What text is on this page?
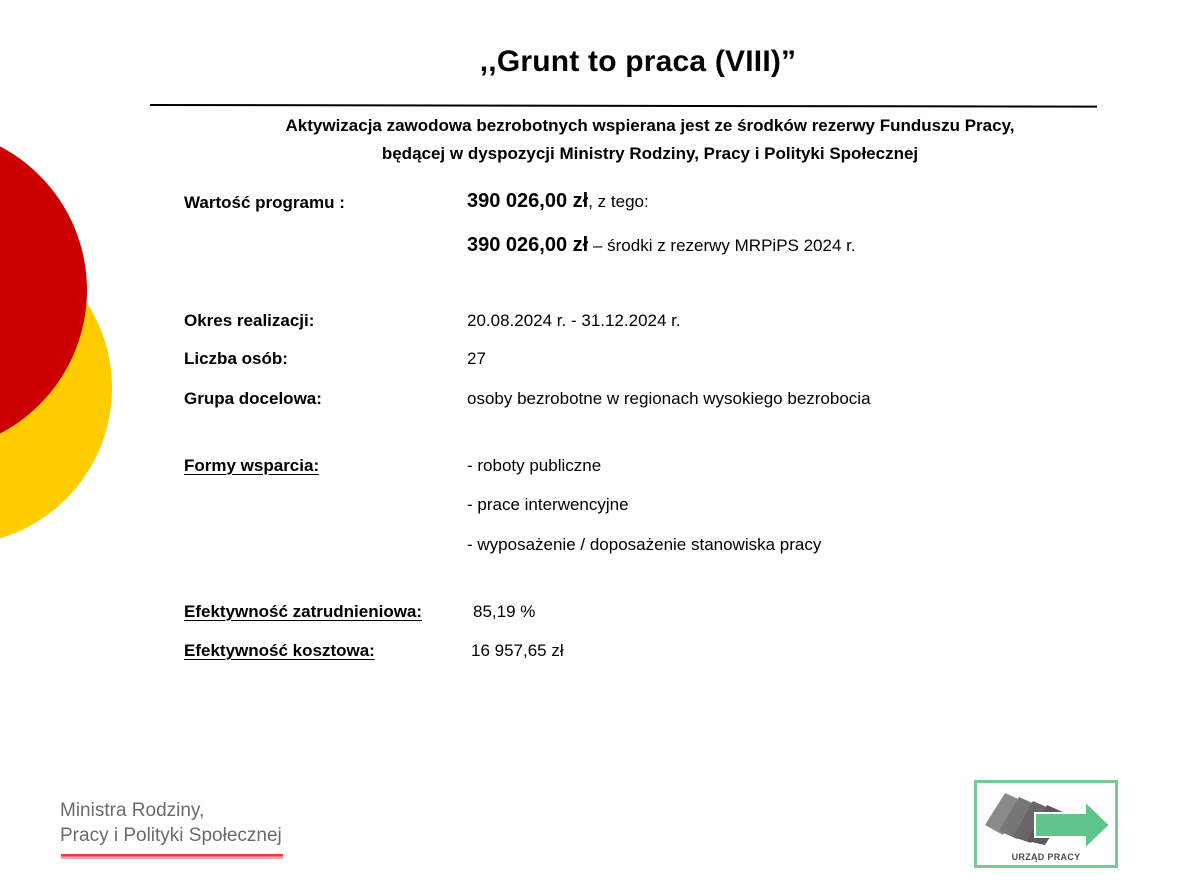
,,Grunt to praca (VIII)”
Aktywizacja zawodowa bezrobotnych wspierana jest ze środków rezerwy Funduszu Pracy,
będącej w dyspozycji Ministry Rodziny, Pracy i Polityki Społecznej
Wartość programu :	390 026,00 zł, z tego:
390 026,00 zł – środki z rezerwy MRPiPS 2024 r.
Okres realizacji:	20.08.2024 r. - 31.12.2024 r.
Liczba osób:	27
Grupa docelowa:	osoby bezrobotne w regionach wysokiego bezrobocia
Formy wsparcia:	- roboty publiczne
- prace interwencyjne
- wyposażenie / doposażenie stanowiska pracy
Efektywność zatrudnieniowa:	85,19 %
Efektywność kosztowa:	16 957,65 zł
Ministra Rodziny,
Pracy i Polityki Społecznej
URZĄD PRACY
